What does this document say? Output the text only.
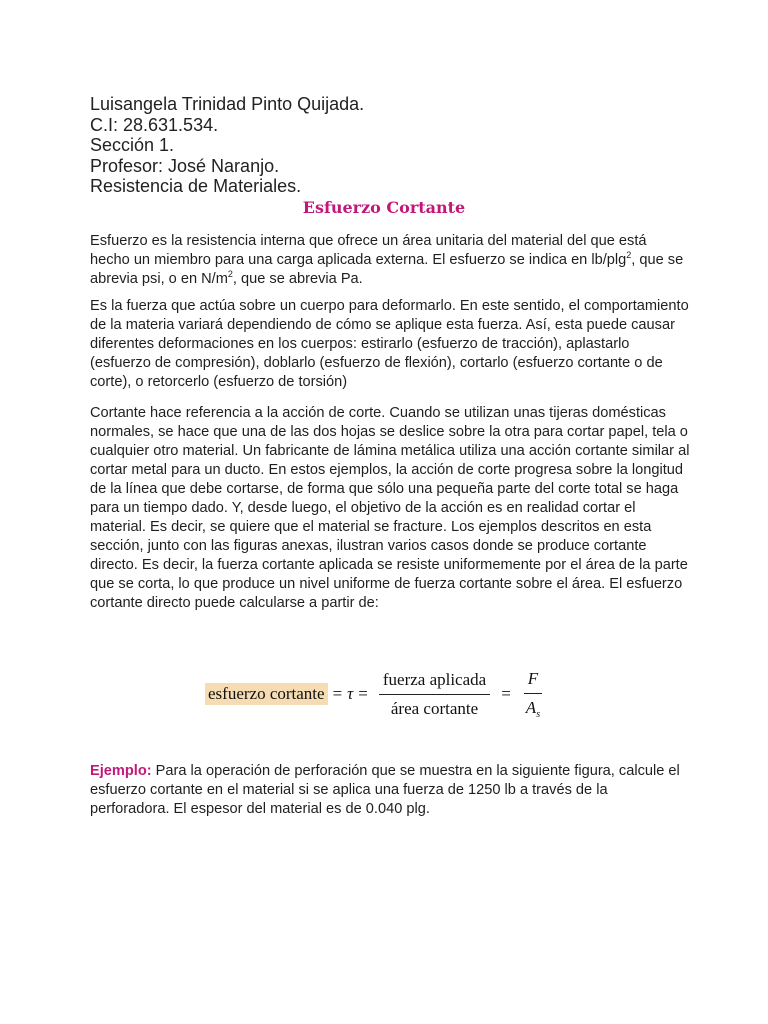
Luisangela Trinidad Pinto Quijada.
C.I: 28.631.534.
Sección 1.
Profesor: José Naranjo.
Resistencia de Materiales.
Esfuerzo Cortante

Esfuerzo es la resistencia interna que ofrece un área unitaria del material del que está hecho un miembro para una carga aplicada externa. El esfuerzo se indica en lb/plg$^2$, que se abrevia psi, o en $N/m^2$, que se abrevia Pa.

Es la fuerza que actúa sobre un cuerpo para deformarlo. En este sentido, el comportamiento de la materia variará dependiendo de cómo se aplique esta fuerza. Así, esta puede causar diferentes deformaciones en los cuerpos: estirarlo (esfuerzo de tracción), aplastarlo (esfuerzo de compresión), doblarlo (esfuerzo de flexión), cortarlo (esfuerzo cortante o de corte), o retorcerlo (esfuerzo de torsión)

Cortante hace referencia a la acción de corte. Cuando se utilizan unas tijeras domésticas normales, se hace que una de las dos hojas se deslice sobre la otra para cortar papel, tela o cualquier otro material. Un fabricante de lámina metálica utiliza una acción cortante similar al cortar metal para un ducto. En estos ejemplos, la acción de corte progresa sobre la longitud de la línea que debe cortarse, de forma que sólo una pequeña parte del corte total se haga para un tiempo dado. Y, desde luego, el objetivo de la acción es en realidad cortar el material. Es decir, se quiere que el material se fracture. Los ejemplos descritos en esta sección, junto con las figuras anexas, ilustran varios casos donde se produce cortante directo. Es decir, la fuerza cortante aplicada se resiste uniformemente por el área de la parte que se corta, lo que produce un nivel uniforme de fuerza cortante sobre el área. El esfuerzo cortante directo puede calcularse a partir de:

esfuerzo cortante = $\tau = \frac{\text{fuerza aplicada}}{\text{área cortante}} = \frac{F}{A_s}$

Ejemplo: Para la operación de perforación que se muestra en la siguiente figura, calcule el esfuerzo cortante en el material si se aplica una fuerza de 1250 lb a través de la perforadora. El espesor del material es de 0.040 plg.
